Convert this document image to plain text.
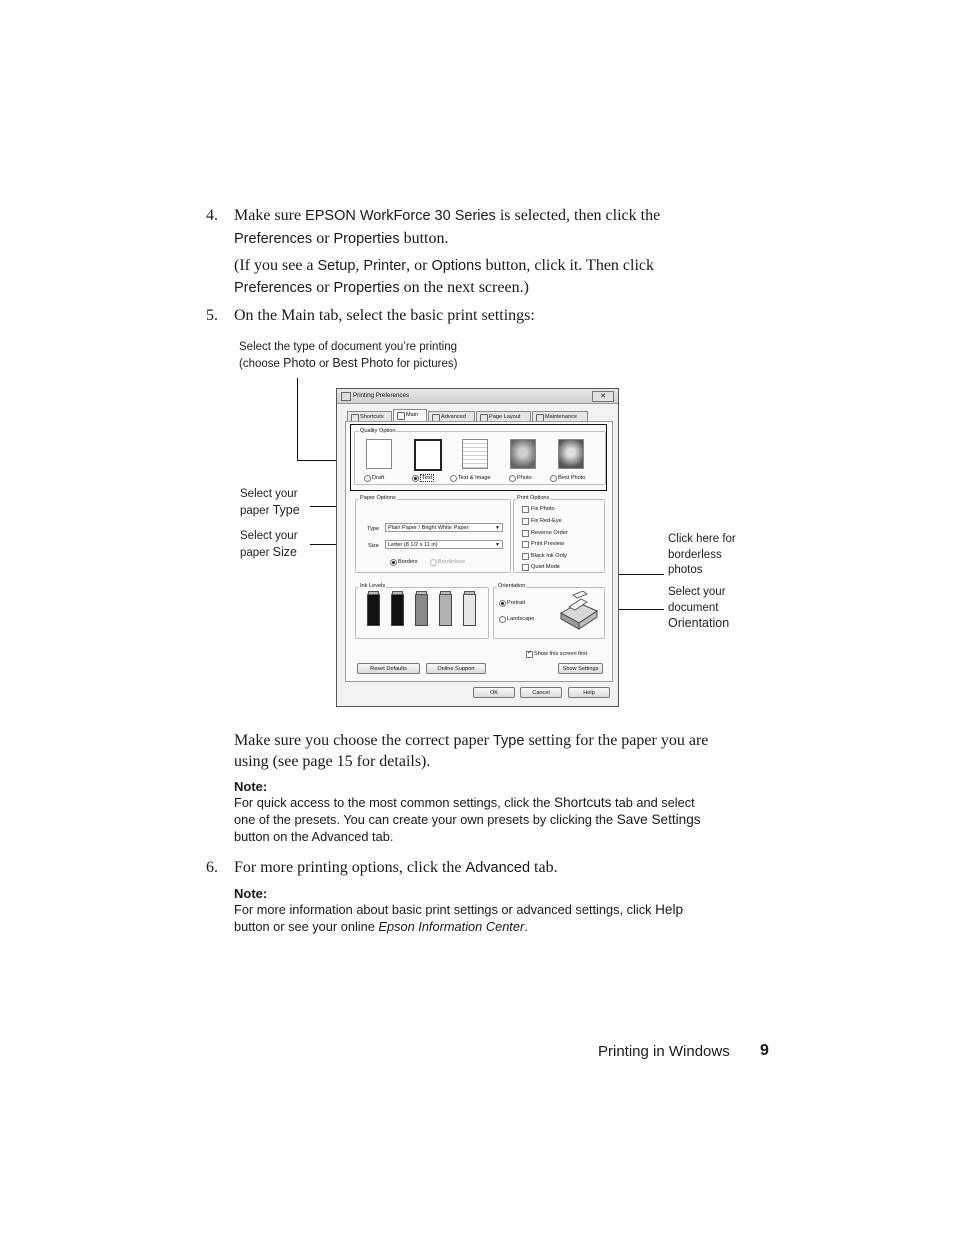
4. Make sure EPSON WorkForce 30 Series is selected, then click the
Preferences or Properties button.
(If you see a Setup, Printer, or Options button, click it. Then click
Preferences or Properties on the next screen.)
5. On the Main tab, select the basic print settings:
Select the type of document you’re printing
(choose Photo or Best Photo for pictures)
Select your
paper Type
Select your
paper Size
Click here for
borderless
photos
Select your
document
Orientation
Printing Preferences	✕
Shortcuts	Main	Advanced	Page Layout	Maintenance
Quality Option
Draft	Text	Text & Image	Photo	Best Photo
Paper Options
Type	Plain Paper / Bright White Paper	▼
Size	Letter (8 1/2 x 11 in)	▼
Borders	Borderless
Print Options
Fix Photo
Fix Red-Eye
Reverse Order
Print Preview
Black Ink Only
Quiet Mode
Ink Levels	Orientation
Portrait
Landscape
✓
Show this screen first
Reset Defaults	Online Support	Show Settings
OK	Cancel	Help
Make sure you choose the correct paper Type setting for the paper you are
using (see page 15 for details).
Note:
For quick access to the most common settings, click the Shortcuts tab and select
one of the presets. You can create your own presets by clicking the Save Settings
button on the Advanced tab.
6. For more printing options, click the Advanced tab.
Note:
For more information about basic print settings or advanced settings, click Help
button or see your online Epson Information Center.
Printing in Windows 9
